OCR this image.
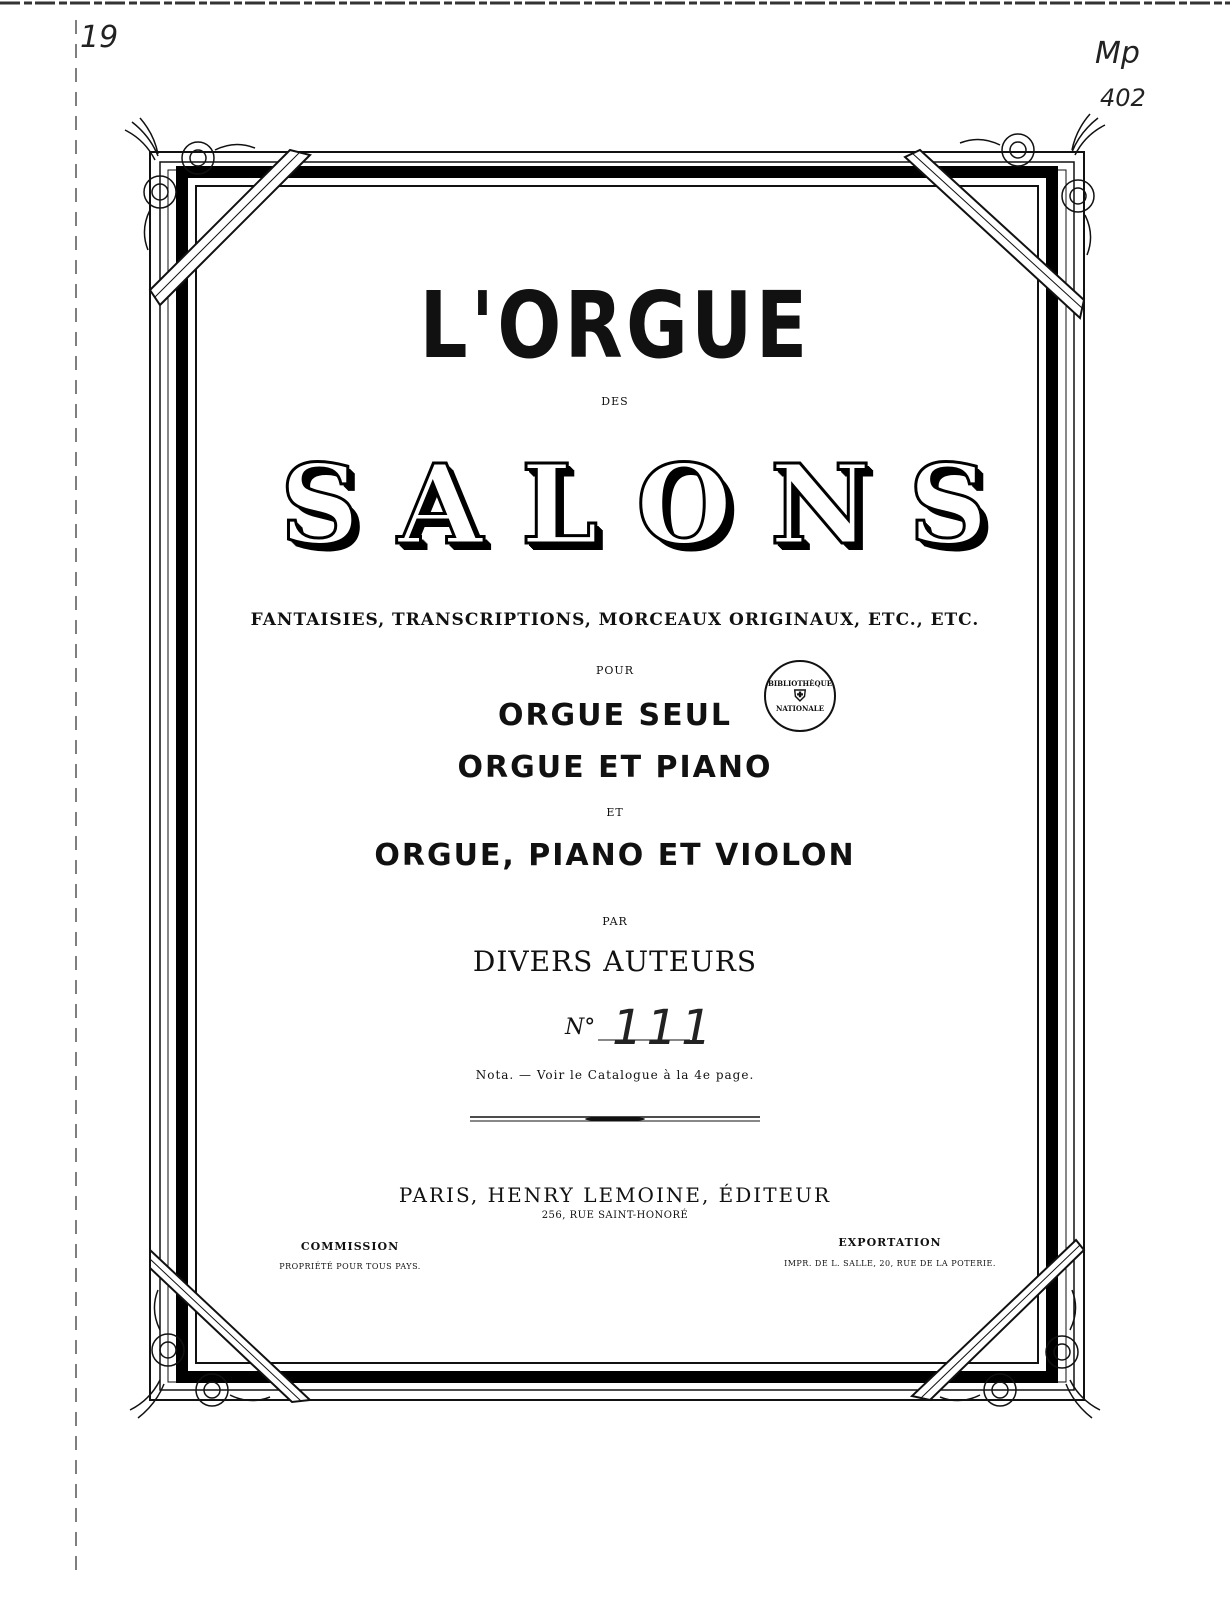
19	Mp
402
L'ORGUE
DES
SALONS
FANTAISIES, TRANSCRIPTIONS, MORCEAUX ORIGINAUX, ETC., ETC.
POUR
BIBLIOTHÈQUE
⛨
NATIONALE
ORGUE SEUL
ORGUE ET PIANO
ET
ORGUE, PIANO ET VIOLON
PAR
DIVERS AUTEURS
N° 111
Nota. — Voir le Catalogue à la 4e page.
PARIS, HENRY LEMOINE, ÉDITEUR
256, RUE SAINT-HONORÉ
COMMISSION
PROPRIÉTÉ POUR TOUS PAYS.
EXPORTATION
IMPR. DE L. SALLE, 20, RUE DE LA POTERIE.
